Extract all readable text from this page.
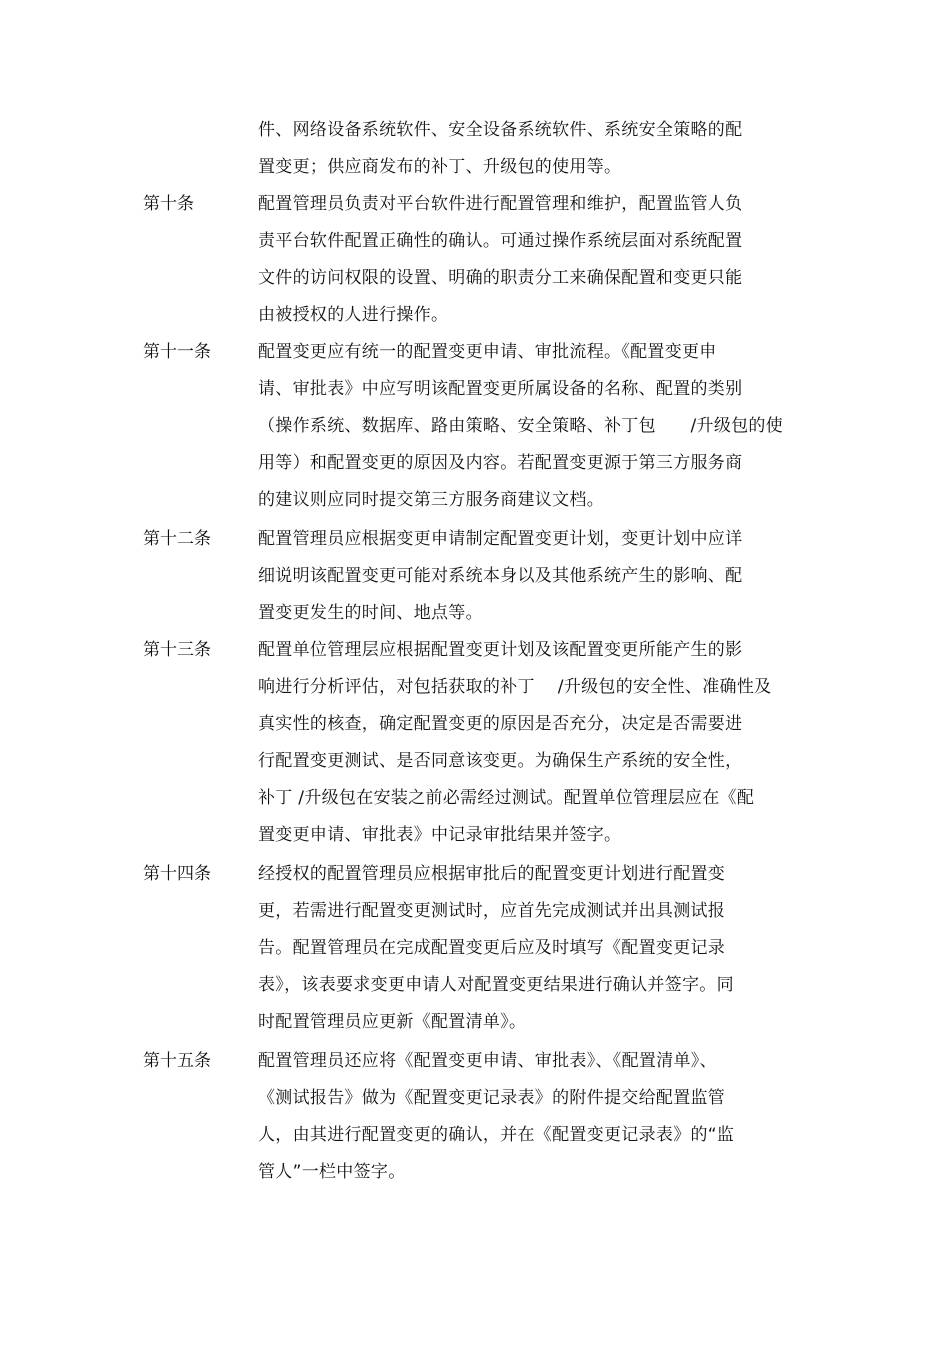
件、网络设备系统软件、安全设备系统软件、系统安全策略的配
置变更；供应商发布的补丁、升级包的使用等。
第十条	配置管理员负责对平台软件进行配置管理和维护，配置监管人负
责平台软件配置正确性的确认。可通过操作系统层面对系统配置
文件的访问权限的设置、明确的职责分工来确保配置和变更只能
由被授权的人进行操作。
第十一条	配置变更应有统一的配置变更申请、审批流程。《配置变更申
请、审批表》中应写明该配置变更所属设备的名称、配置的类别
（操作系统、数据库、路由策略、安全策略、补丁包　　/升级包的使
用等）和配置变更的原因及内容。若配置变更源于第三方服务商
的建议则应同时提交第三方服务商建议文档。
第十二条	配置管理员应根据变更申请制定配置变更计划，变更计划中应详
细说明该配置变更可能对系统本身以及其他系统产生的影响、配
置变更发生的时间、地点等。
第十三条	配置单位管理层应根据配置变更计划及该配置变更所能产生的影
响进行分析评估，对包括获取的补丁　 /升级包的安全性、准确性及
真实性的核查，确定配置变更的原因是否充分，决定是否需要进
行配置变更测试、是否同意该变更。为确保生产系统的安全性，
补丁 /升级包在安装之前必需经过测试。配置单位管理层应在《配
置变更申请、审批表》中记录审批结果并签字。
第十四条	经授权的配置管理员应根据审批后的配置变更计划进行配置变
更，若需进行配置变更测试时，应首先完成测试并出具测试报
告。配置管理员在完成配置变更后应及时填写《配置变更记录
表》，该表要求变更申请人对配置变更结果进行确认并签字。同
时配置管理员应更新《配置清单》。
第十五条	配置管理员还应将《配置变更申请、审批表》、《配置清单》、
《测试报告》做为《配置变更记录表》的附件提交给配置监管
人，由其进行配置变更的确认，并在《配置变更记录表》的“监
管人”一栏中签字。
